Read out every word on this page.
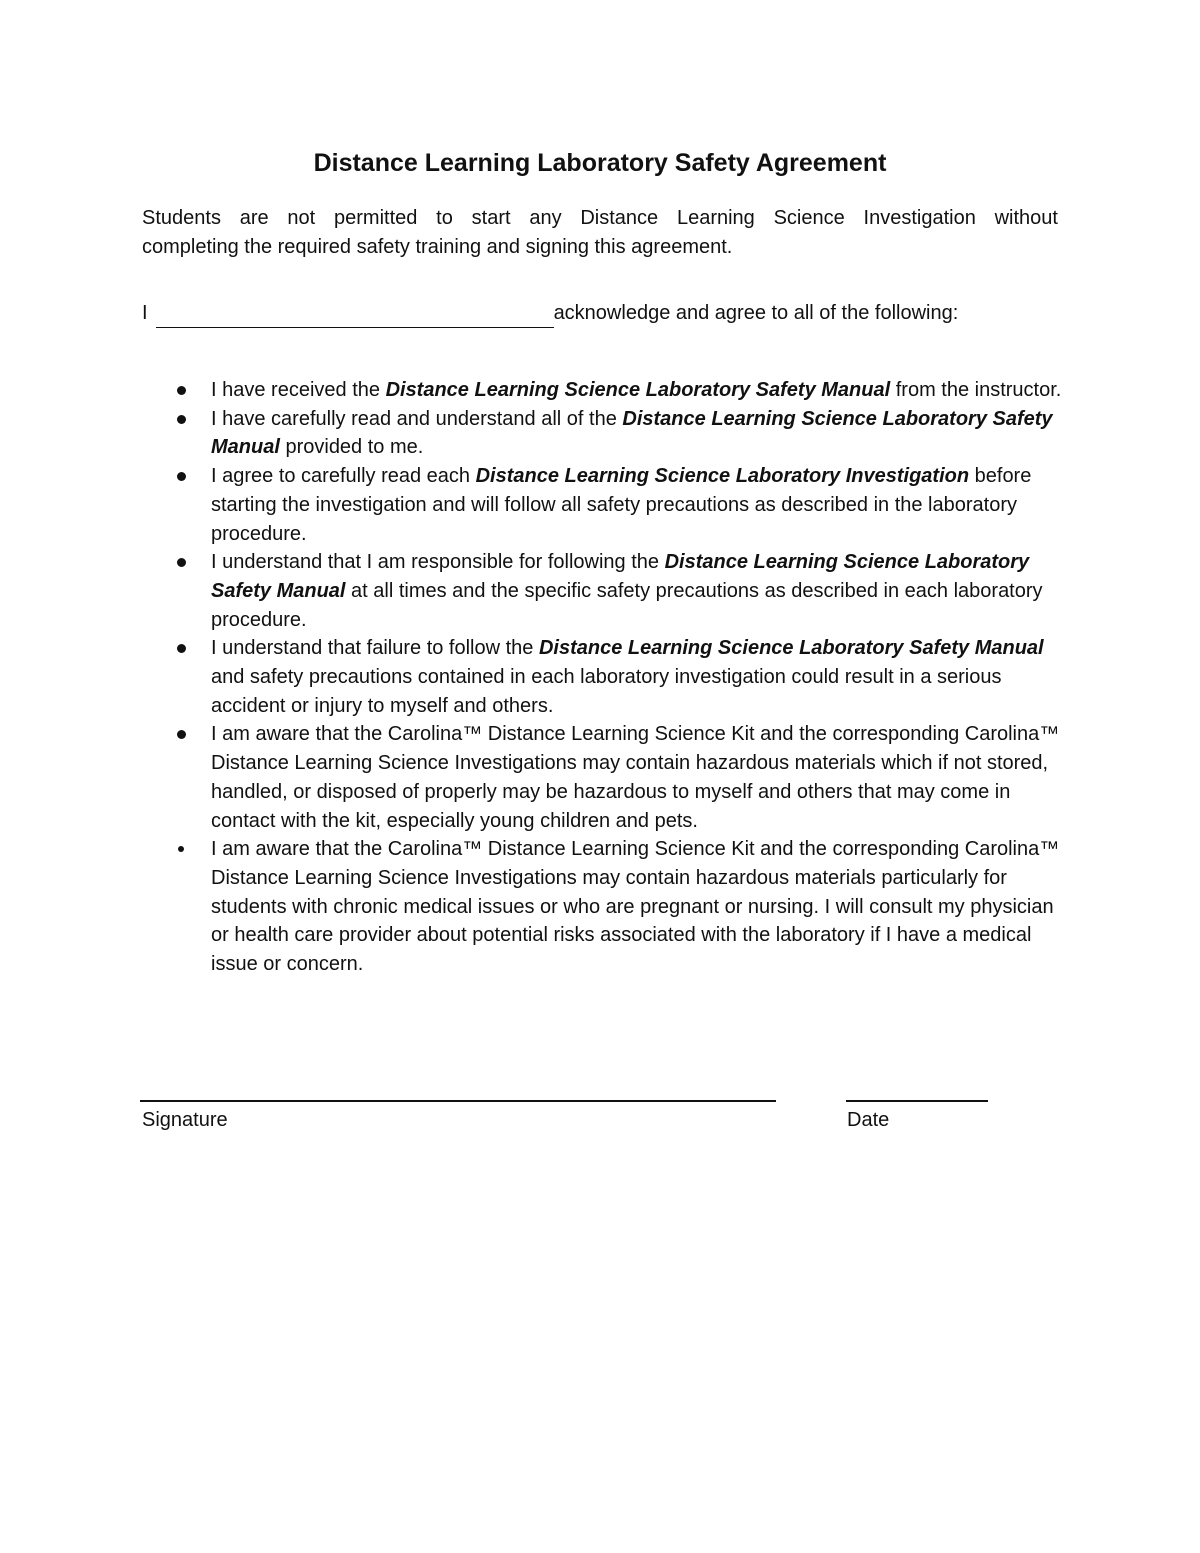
Distance Learning Laboratory Safety Agreement
Students are not permitted to start any Distance Learning Science Investigation without
completing the required safety training and signing this agreement.
I	acknowledge and agree to all of the following:
I have received the Distance Learning Science Laboratory Safety Manual from the instructor.
I have carefully read and understand all of the Distance Learning Science Laboratory Safety Manual provided to me.
I agree to carefully read each Distance Learning Science Laboratory Investigation before starting the investigation and will follow all safety precautions as described in the laboratory procedure.
I understand that I am responsible for following the Distance Learning Science Laboratory Safety Manual at all times and the specific safety precautions as described in each laboratory procedure.
I understand that failure to follow the Distance Learning Science Laboratory Safety Manual and safety precautions contained in each laboratory investigation could result in a serious accident or injury to myself and others.
I am aware that the Carolina™ Distance Learning Science Kit and the corresponding Carolina™ Distance Learning Science Investigations may contain hazardous materials which if not stored, handled, or disposed of properly may be hazardous to myself and others that may come in contact with the kit, especially young children and pets.
I am aware that the Carolina™ Distance Learning Science Kit and the corresponding Carolina™ Distance Learning Science Investigations may contain hazardous materials particularly for students with chronic medical issues or who are pregnant or nursing. I will consult my physician or health care provider about potential risks associated with the laboratory if I have a medical issue or concern.
Signature	Date
